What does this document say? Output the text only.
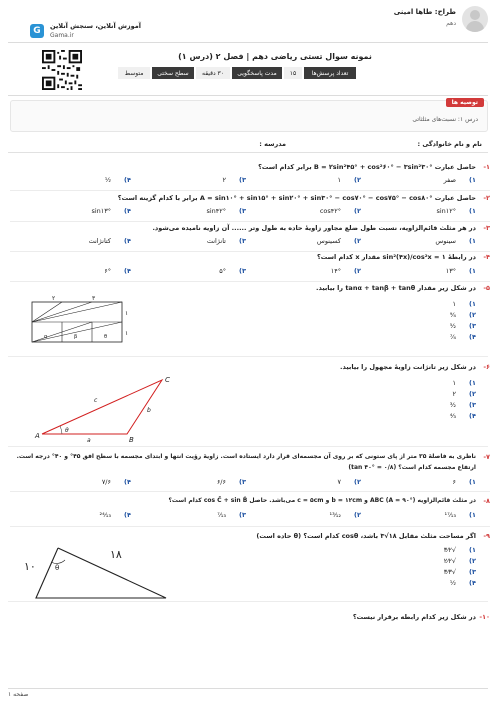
طراح: طاها امینی
دهم
G	آموزش آنلاین، سنجش آنلاین
Gama.ir
نمونه سوال تستی ریاضی دهم | فصل ۲ (درس ۱)
تعداد پرسش‌ها
۱۵
مدت پاسخگویی
۳۰ دقیقه
سطح سختی
متوسط
توصیه ها
درس ۱: نسبت‌های مثلثاتی
نام و نام خانوادگی :
مدرسه :
۱-
حاصل عبارت B = ۲sin²۴۵° + cos²۶۰° − ۳sin²۳۰° برابر کدام است؟
۱)
صفر
۲)
۱
۳)
۲
۴)
½
۲-
حاصل عبارت A = sin۱۰° + sin۱۵° + sin۲۰° + sin۳۰° − cos۷۰° − cos۷۵° − cos۸۰° برابر با کدام گزینه است؟
۱)
sin۱۲°
۲)
cos۴۲°
۳)
sin۴۲°
۴)
sin۱۳°
۳-
در هر مثلث قائم‌الزاویه، نسبت طول ضلع مجاور زاویهٔ حاده به طول وتر ...... آن زاویه نامیده می‌شود.
۱)
سینوس
۲)
کسینوس
۳)
تانژانت
۴)
کتانژانت
۴-
در رابطهٔ ۱ = sin²(۴x)/cos²x مقدار x کدام است؟
۱)
۱۳°
۲)
۱۴°
۳)
۵°
۴)
۶°
۵-
در شکل زیر مقدار tanα + tanβ + tanθ را بیابید.
۱)
۱
۲)
⁹⁄₄
۳)
⁵⁄₂
۴)
⁷⁄₄
۲	۳
۱
۱
α	β	θ
۶-
در شکل زیر تانژانت زاویهٔ مجهول را بیابید.
۱)
۱
۲)
۲
۳)
³⁄₂
۴)
⁴⁄₃
A	B
C
a
b
c
θ
۷-
ناظری به فاصلهٔ ۳۵ متر از پای ستونی که بر روی آن مجسمه‌ای قرار دارد ایستاده است. زاویهٔ رؤیت انتها و ابتدای مجسمه با سطح افق ۴۵° و ۴۰° درجه است.
ارتفاع مجسمه کدام است؟ (tan ۴۰° = ۰/۸)
۱)
۶
۲)
۷
۳)
۶/۶
۴)
۷/۶
۸-
در مثلث قائم‌الزاویه ABC (A = ۹۰°) و b = ۱۲cm و c = ۵cm می‌باشد. حاصل cos Ĉ + sin B̂ کدام است؟
۱)
¹⁷⁄₁₃
۲)
¹³⁄₁₂
۳)
⁷⁄₁₃
۴)
²⁴⁄₁₃
۹-
اگر مساحت مثلث مقابل ۱۸√۳ باشد، cosθ کدام است؟ (θ حاده است)
۱)
√۳⁄۲
۲)
√۲⁄۲
۳)
√۳⁄۳
۴)
½
۱۸
۱۰	θ
۱۰-
در شکل زیر کدام رابطه برقرار نیست؟
صفحه ۱
